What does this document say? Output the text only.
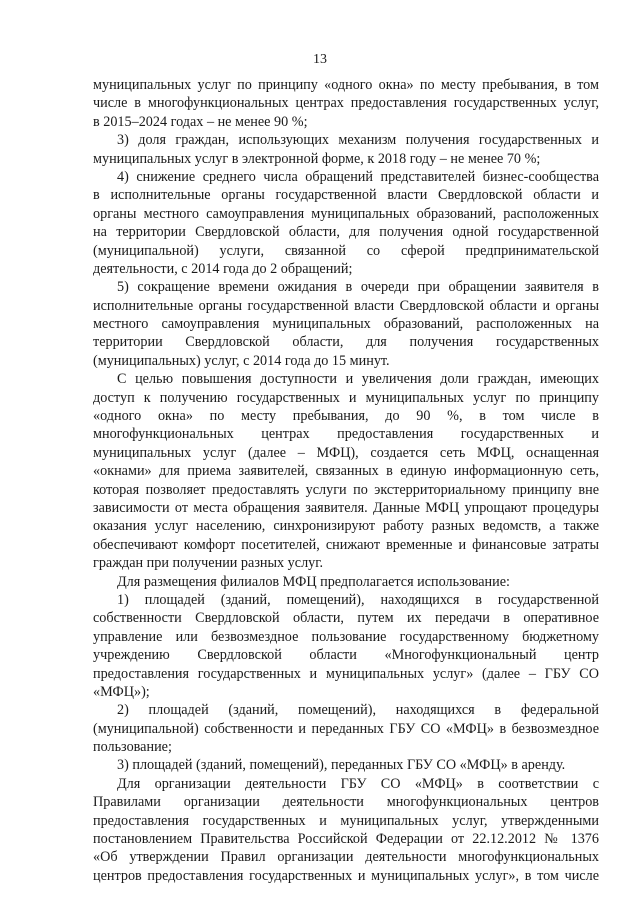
13
муниципальных услуг по принципу «одного окна» по месту пребывания, в том
числе в многофункциональных центрах предоставления государственных услуг,
в 2015–2024 годах – не менее 90 %;
3) доля граждан, использующих механизм получения государственных и
муниципальных услуг в электронной форме, к 2018 году – не менее 70 %;
4) снижение среднего числа обращений представителей бизнес-сообщества
в исполнительные органы государственной власти Свердловской области и
органы местного самоуправления муниципальных образований, расположенных
на территории Свердловской области, для получения одной государственной
(муниципальной) услуги, связанной со сферой предпринимательской
деятельности, с 2014 года до 2 обращений;
5) сокращение времени ожидания в очереди при обращении заявителя в
исполнительные органы государственной власти Свердловской области и органы
местного самоуправления муниципальных образований, расположенных на
территории Свердловской области, для получения государственных
(муниципальных) услуг, с 2014 года до 15 минут.
С целью повышения доступности и увеличения доли граждан, имеющих
доступ к получению государственных и муниципальных услуг по принципу
«одного окна» по месту пребывания, до 90 %, в том числе в
многофункциональных центрах предоставления государственных и
муниципальных услуг (далее – МФЦ), создается сеть МФЦ, оснащенная
«окнами» для приема заявителей, связанных в единую информационную сеть,
которая позволяет предоставлять услуги по экстерриториальному принципу вне
зависимости от места обращения заявителя. Данные МФЦ упрощают процедуры
оказания услуг населению, синхронизируют работу разных ведомств, а также
обеспечивают комфорт посетителей, снижают временные и финансовые затраты
граждан при получении разных услуг.
Для размещения филиалов МФЦ предполагается использование:
1) площадей (зданий, помещений), находящихся в государственной
собственности Свердловской области, путем их передачи в оперативное
управление или безвозмездное пользование государственному бюджетному
учреждению Свердловской области «Многофункциональный центр
предоставления государственных и муниципальных услуг» (далее – ГБУ СО
«МФЦ»);
2) площадей (зданий, помещений), находящихся в федеральной
(муниципальной) собственности и переданных ГБУ СО «МФЦ» в безвозмездное
пользование;
3) площадей (зданий, помещений), переданных ГБУ СО «МФЦ» в аренду.
Для организации деятельности ГБУ СО «МФЦ» в соответствии с
Правилами организации деятельности многофункциональных центров
предоставления государственных и муниципальных услуг, утвержденными
постановлением Правительства Российской Федерации от 22.12.2012 № 1376
«Об утверждении Правил организации деятельности многофункциональных
центров предоставления государственных и муниципальных услуг», в том числе
